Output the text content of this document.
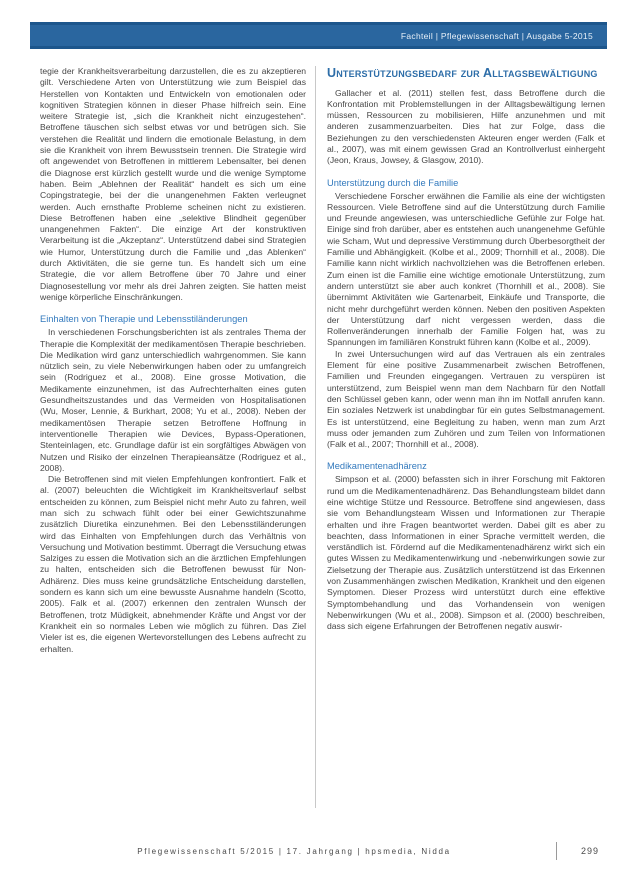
Fachteil | Pflegewissenschaft | Ausgabe 5-2015

tegie der Krankheitsverarbeitung darzustellen, die es zu akzeptieren gilt. Verschiedene Arten von Unterstützung wie zum Beispiel das Herstellen von Kontakten und Entwickeln von emotionalen oder kognitiven Strategien können in dieser Phase hilfreich sein. Eine weitere Strategie ist, „sich die Krankheit nicht einzugestehen“. Betroffene täuschen sich selbst etwas vor und betrügen sich. Sie verstehen die Realität und lindern die emotionale Belastung, in dem sie die Krankheit von ihrem Bewusstsein trennen. Die Strategie wird oft angewendet von Betroffenen in mittlerem Lebensalter, bei denen die Diagnose erst kürzlich gestellt wurde und die wenige Symptome haben. Beim „Ablehnen der Realität“ handelt es sich um eine Copingstrategie, bei der die unangenehmen Fakten verleugnet werden. Auch ernsthafte Probleme scheinen nicht zu existieren. Diese Betroffenen haben eine „selektive Blindheit gegenüber unangenehmen Fakten“. Die einzige Art der konstruktiven Verarbeitung ist die „Akzeptanz“. Unterstützend dabei sind Strategien wie Humor, Unterstützung durch die Familie und „das Ablenken“ durch Aktivitäten, die sie gerne tun. Es handelt sich um eine Strategie, die vor allem Betroffene über 70 Jahre und einer Diagnosestellung vor mehr als drei Jahren zeigten. Sie hatten meist wenige körperliche Einschränkungen.

Einhalten von Therapie und Lebensstiländerungen

In verschiedenen Forschungsberichten ist als zentrales Thema der Therapie die Komplexität der medikamentösen Therapie beschrieben. Die Medikation wird ganz unterschiedlich wahrgenommen. Sie kann nützlich sein, zu viele Nebenwirkungen haben oder zu umfangreich sein (Rodriguez et al., 2008). Eine grosse Motivation, die Medikamente einzunehmen, ist das Aufrechterhalten eines guten Gesundheitszustandes und das Vermeiden von Hospitalisationen (Wu, Moser, Lennie, & Burkhart, 2008; Yu et al., 2008). Neben der medikamentösen Therapie setzen Betroffene Hoffnung in interventionelle Therapien wie Devices, Bypass-Operationen, Stenteinlagen, etc. Grundlage dafür ist ein sorgfältiges Abwägen von Nutzen und Risiko der einzelnen Therapieansätze (Rodriguez et al., 2008).

Die Betroffenen sind mit vielen Empfehlungen konfrontiert. Falk et al. (2007) beleuchten die Wichtigkeit im Krankheitsverlauf selbst entscheiden zu können, zum Beispiel nicht mehr Auto zu fahren, weil man sich zu schwach fühlt oder bei einer Gewichtszunahme zusätzlich Diuretika einzunehmen. Bei den Lebensstiländerungen wird das Einhalten von Empfehlungen durch das Verhältnis von Versuchung und Motivation bestimmt. Überragt die Versuchung etwas Salziges zu essen die Motivation sich an die ärztlichen Empfehlungen zu halten, entscheiden sich die Betroffenen bewusst für Non-Adhärenz. Dies muss keine grundsätzliche Entscheidung darstellen, sondern es kann sich um eine bewusste Ausnahme handeln (Scotto, 2005). Falk et al. (2007) erkennen den zentralen Wunsch der Betroffenen, trotz Müdigkeit, abnehmender Kräfte und Angst vor der Krankheit ein so normales Leben wie möglich zu führen. Das Ziel Vieler ist es, die eigenen Wertevorstellungen des Lebens aufrecht zu erhalten.

Unterstützungsbedarf zur Alltagsbewältigung

Gallacher et al. (2011) stellen fest, dass Betroffene durch die Konfrontation mit Problemstellungen in der Alltagsbewältigung lernen müssen, Ressourcen zu mobilisieren, Hilfe anzunehmen und mit anderen zusammenzuarbeiten. Dies hat zur Folge, dass die Beziehungen zu den verschiedensten Akteuren enger werden (Falk et al., 2007), was mit einem gewissen Grad an Kontrollverlust einhergeht (Jeon, Kraus, Jowsey, & Glasgow, 2010).

Unterstützung durch die Familie

Verschiedene Forscher erwähnen die Familie als eine der wichtigsten Ressourcen. Viele Betroffene sind auf die Unterstützung durch Familie und Freunde angewiesen, was unterschiedliche Gefühle zur Folge hat. Einige sind froh darüber, aber es entstehen auch unangenehme Gefühle wie Scham, Wut und depressive Verstimmung durch Überbesorgtheit der Familie und Abhängigkeit. (Kolbe et al., 2009; Thornhill et al., 2008). Die Familie kann nicht wirklich nachvollziehen was die Betroffenen erleben. Zum einen ist die Familie eine wichtige emotionale Unterstützung, zum andern unterstützt sie aber auch konkret (Thornhill et al., 2008). Sie übernimmt Aktivitäten wie Gartenarbeit, Einkäufe und Transporte, die nicht mehr durchgeführt werden können. Neben den positiven Aspekten der Unterstützung darf nicht vergessen werden, dass die Rollenveränderungen innerhalb der Familie Folgen hat, was zu Spannungen im familiären Konstrukt führen kann (Kolbe et al., 2009).

In zwei Untersuchungen wird auf das Vertrauen als ein zentrales Element für eine positive Zusammenarbeit zwischen Betroffenen, Familien und Freunden eingegangen. Vertrauen zu verspüren ist unterstützend, zum Beispiel wenn man dem Nachbarn für den Notfall den Schlüssel geben kann, oder wenn man ihn im Notfall anrufen kann. Ein soziales Netzwerk ist unabdingbar für ein gutes Selbstmanagement. Es ist unterstützend, eine Begleitung zu haben, wenn man zum Arzt muss oder jemanden zum Zuhören und zum Teilen von Informationen (Falk et al., 2007; Thornhill et al., 2008).

Medikamentenadhärenz

Simpson et al. (2000) befassten sich in ihrer Forschung mit Faktoren rund um die Medikamentenadhärenz. Das Behandlungsteam bildet dann eine wichtige Stütze und Ressource. Betroffene sind angewiesen, dass sie vom Behandlungsteam Wissen und Informationen zur Therapie erhalten und ihre Fragen beantwortet werden. Dabei gilt es aber zu beachten, dass Informationen in einer Sprache vermittelt werden, die verständlich ist. Fördernd auf die Medikamentenadhärenz wirkt sich ein gutes Wissen zu Medikamentenwirkung und -nebenwirkungen sowie zur Zielsetzung der Therapie aus. Zusätzlich unterstützend ist das Erkennen von Zusammenhängen zwischen Medikation, Krankheit und den eigenen Symptomen. Dieser Prozess wird unterstützt durch eine effektive Symptombehandlung und das Vorhandensein von wenigen Nebenwirkungen (Wu et al., 2008). Simpson et al. (2000) beschreiben, dass sich eigene Erfahrungen der Betroffenen negativ auswir-

Pflegewissenschaft 5/2015 | 17. Jahrgang | hpsmedia, Nidda	299
